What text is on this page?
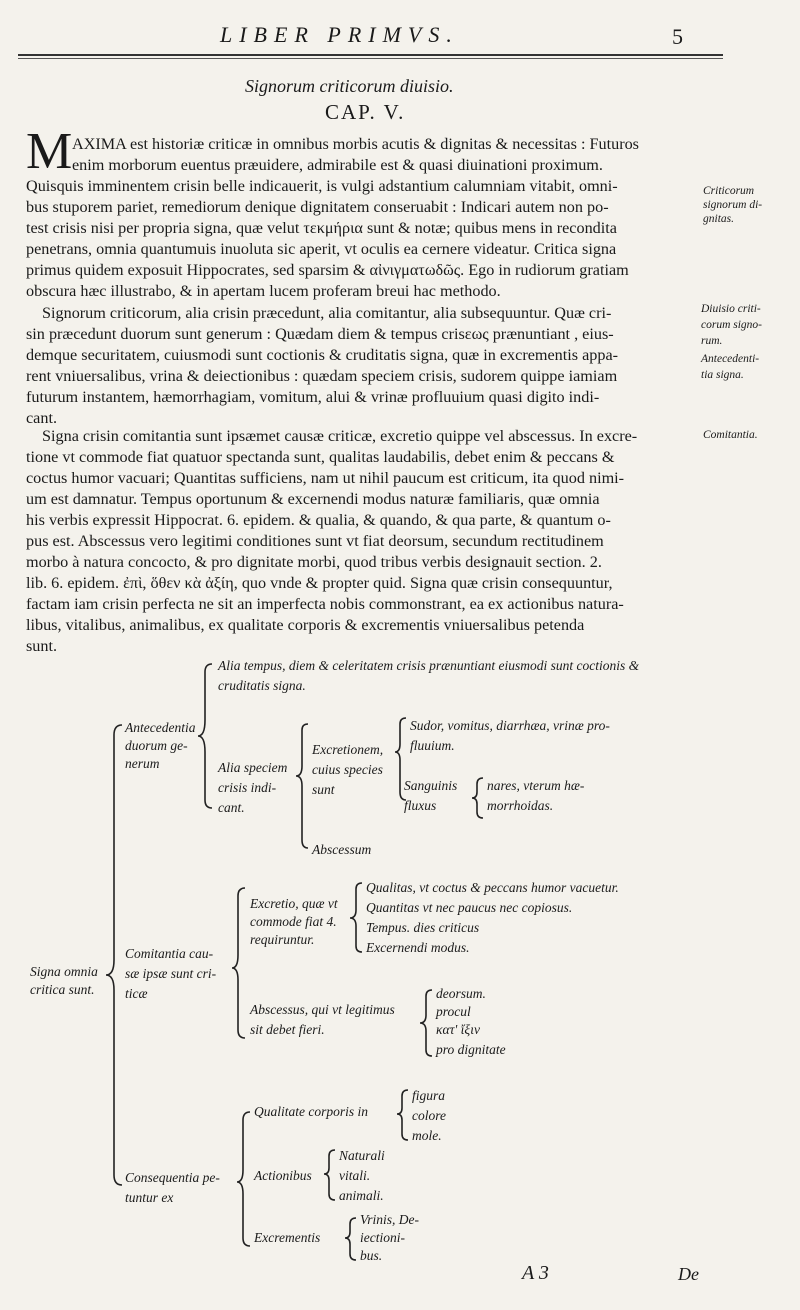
LIBER PRIMVS.	5
Signorum criticorum diuisio.
CAP. V.
M AXIMA est historiæ criticæ in omnibus morbis acutis & dignitas & necessitas : Futuros
enim morborum euentus præuidere, admirabile est & quasi diuinationi proximum.
Quisquis imminentem crisin belle indicauerit, is vulgi adstantium calumniam vitabit, omni-
bus stuporem pariet, remediorum denique dignitatem conseruabit : Indicari autem non po-
test crisis nisi per propria signa, quæ velut τεκμήρια sunt & notæ; quibus mens in recondita
penetrans, omnia quantumuis inuoluta sic aperit, vt oculis ea cernere videatur. Critica signa
primus quidem exposuit Hippocrates, sed sparsim & αἰνιγματωδῶς. Ego in rudiorum gratiam
obscura hæc illustrabo, & in apertam lucem proferam breui hac methodo.
Signorum criticorum, alia crisin præcedunt, alia comitantur, alia subsequuntur. Quæ cri-
sin præcedunt duorum sunt generum : Quædam diem & tempus crisεως prænuntiant , eius-
demque securitatem, cuiusmodi sunt coctionis & cruditatis signa, quæ in excrementis appa-
rent vniuersalibus, vrina & deiectionibus : quædam speciem crisis, sudorem quippe iamiam
futurum instantem, hæmorrhagiam, vomitum, alui & vrinæ profluuium quasi digito indi-
cant.
Signa crisin comitantia sunt ipsæmet causæ criticæ, excretio quippe vel abscessus. In excre-
tione vt commode fiat quatuor spectanda sunt, qualitas laudabilis, debet enim & peccans &
coctus humor vacuari; Quantitas sufficiens, nam ut nihil paucum est criticum, ita quod nimi-
um est damnatur. Tempus oportunum & excernendi modus naturæ familiaris, quæ omnia
his verbis expressit Hippocrat. 6. epidem. & qualia, & quando, & qua parte, & quantum o-
pus est. Abscessus vero legitimi conditiones sunt vt fiat deorsum, secundum rectitudinem
morbo à natura concocto, & pro dignitate morbi, quod tribus verbis designauit section. 2.
lib. 6. epidem. ἐπὶ, ὅθεν κὰ ἀξίη, quo vnde & propter quid. Signa quæ crisin consequuntur,
factam iam crisin perfecta ne sit an imperfecta nobis commonstrant, ea ex actionibus natura-
libus, vitalibus, animalibus, ex qualitate corporis & excrementis vniuersalibus petenda
sunt.
Criticorum
signorum di-
gnitas.
Diuisio criti-
corum signo-
rum.
Antecedenti-
tia signa.
Comitantia.
Signa omnia
critica sunt.
Antecedentia
duorum ge-
nerum
Alia tempus, diem & celeritatem crisis prænuntiant eiusmodi sunt coctionis &
cruditatis signa.
Alia speciem
crisis indi-
cant.
Excretionem,
cuius species
sunt
Sudor, vomitus, diarrhæa, vrinæ pro-
fluuium.
Sanguinis
fluxus
nares, vterum hæ-
morrhoidas.
Abscessum
Comitantia cau-
sæ ipsæ sunt cri-
ticæ
Excretio, quæ vt
commode fiat 4.
requiruntur.
Qualitas, vt coctus & peccans humor vacuetur.
Quantitas vt nec paucus nec copiosus.
Tempus. dies criticus
Excernendi modus.
Abscessus, qui vt legitimus
sit debet fieri.
deorsum.
procul
κατ' ἴξιν
pro dignitate
Consequentia pe-
tuntur ex
Qualitate corporis in
figura
colore
mole.
Actionibus
Naturali
vitali.
animali.
Excrementis
Vrinis, De-
iectioni-
bus.
A 3	De
